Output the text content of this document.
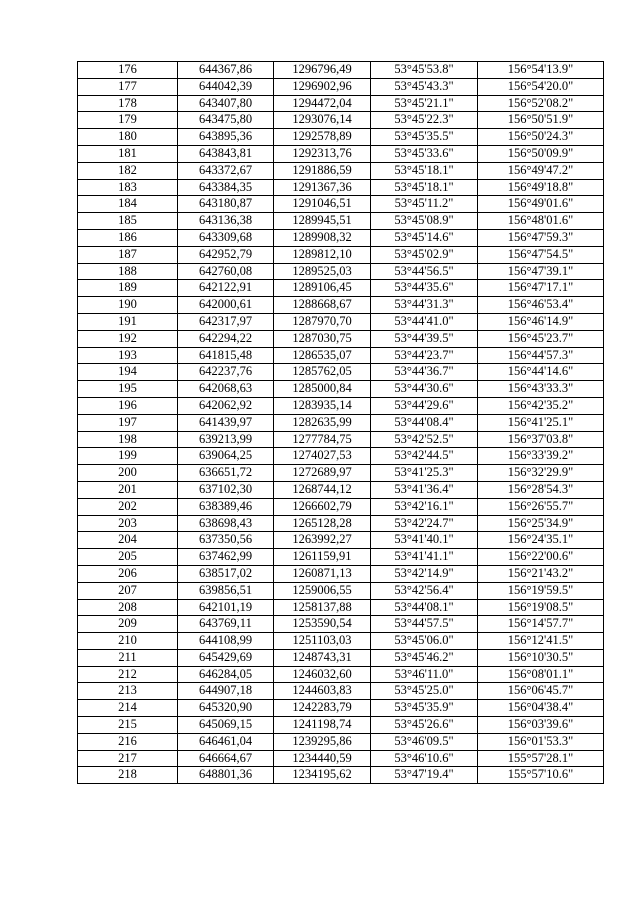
176	644367,86	1296796,49	53°45'53.8"	156°54'13.9"
177	644042,39	1296902,96	53°45'43.3"	156°54'20.0"
178	643407,80	1294472,04	53°45'21.1"	156°52'08.2"
179	643475,80	1293076,14	53°45'22.3"	156°50'51.9"
180	643895,36	1292578,89	53°45'35.5"	156°50'24.3"
181	643843,81	1292313,76	53°45'33.6"	156°50'09.9"
182	643372,67	1291886,59	53°45'18.1"	156°49'47.2"
183	643384,35	1291367,36	53°45'18.1"	156°49'18.8"
184	643180,87	1291046,51	53°45'11.2"	156°49'01.6"
185	643136,38	1289945,51	53°45'08.9"	156°48'01.6"
186	643309,68	1289908,32	53°45'14.6"	156°47'59.3"
187	642952,79	1289812,10	53°45'02.9"	156°47'54.5"
188	642760,08	1289525,03	53°44'56.5"	156°47'39.1"
189	642122,91	1289106,45	53°44'35.6"	156°47'17.1"
190	642000,61	1288668,67	53°44'31.3"	156°46'53.4"
191	642317,97	1287970,70	53°44'41.0"	156°46'14.9"
192	642294,22	1287030,75	53°44'39.5"	156°45'23.7"
193	641815,48	1286535,07	53°44'23.7"	156°44'57.3"
194	642237,76	1285762,05	53°44'36.7"	156°44'14.6"
195	642068,63	1285000,84	53°44'30.6"	156°43'33.3"
196	642062,92	1283935,14	53°44'29.6"	156°42'35.2"
197	641439,97	1282635,99	53°44'08.4"	156°41'25.1"
198	639213,99	1277784,75	53°42'52.5"	156°37'03.8"
199	639064,25	1274027,53	53°42'44.5"	156°33'39.2"
200	636651,72	1272689,97	53°41'25.3"	156°32'29.9"
201	637102,30	1268744,12	53°41'36.4"	156°28'54.3"
202	638389,46	1266602,79	53°42'16.1"	156°26'55.7"
203	638698,43	1265128,28	53°42'24.7"	156°25'34.9"
204	637350,56	1263992,27	53°41'40.1"	156°24'35.1"
205	637462,99	1261159,91	53°41'41.1"	156°22'00.6"
206	638517,02	1260871,13	53°42'14.9"	156°21'43.2"
207	639856,51	1259006,55	53°42'56.4"	156°19'59.5"
208	642101,19	1258137,88	53°44'08.1"	156°19'08.5"
209	643769,11	1253590,54	53°44'57.5"	156°14'57.7"
210	644108,99	1251103,03	53°45'06.0"	156°12'41.5"
211	645429,69	1248743,31	53°45'46.2"	156°10'30.5"
212	646284,05	1246032,60	53°46'11.0"	156°08'01.1"
213	644907,18	1244603,83	53°45'25.0"	156°06'45.7"
214	645320,90	1242283,79	53°45'35.9"	156°04'38.4"
215	645069,15	1241198,74	53°45'26.6"	156°03'39.6"
216	646461,04	1239295,86	53°46'09.5"	156°01'53.3"
217	646664,67	1234440,59	53°46'10.6"	155°57'28.1"
218	648801,36	1234195,62	53°47'19.4"	155°57'10.6"
